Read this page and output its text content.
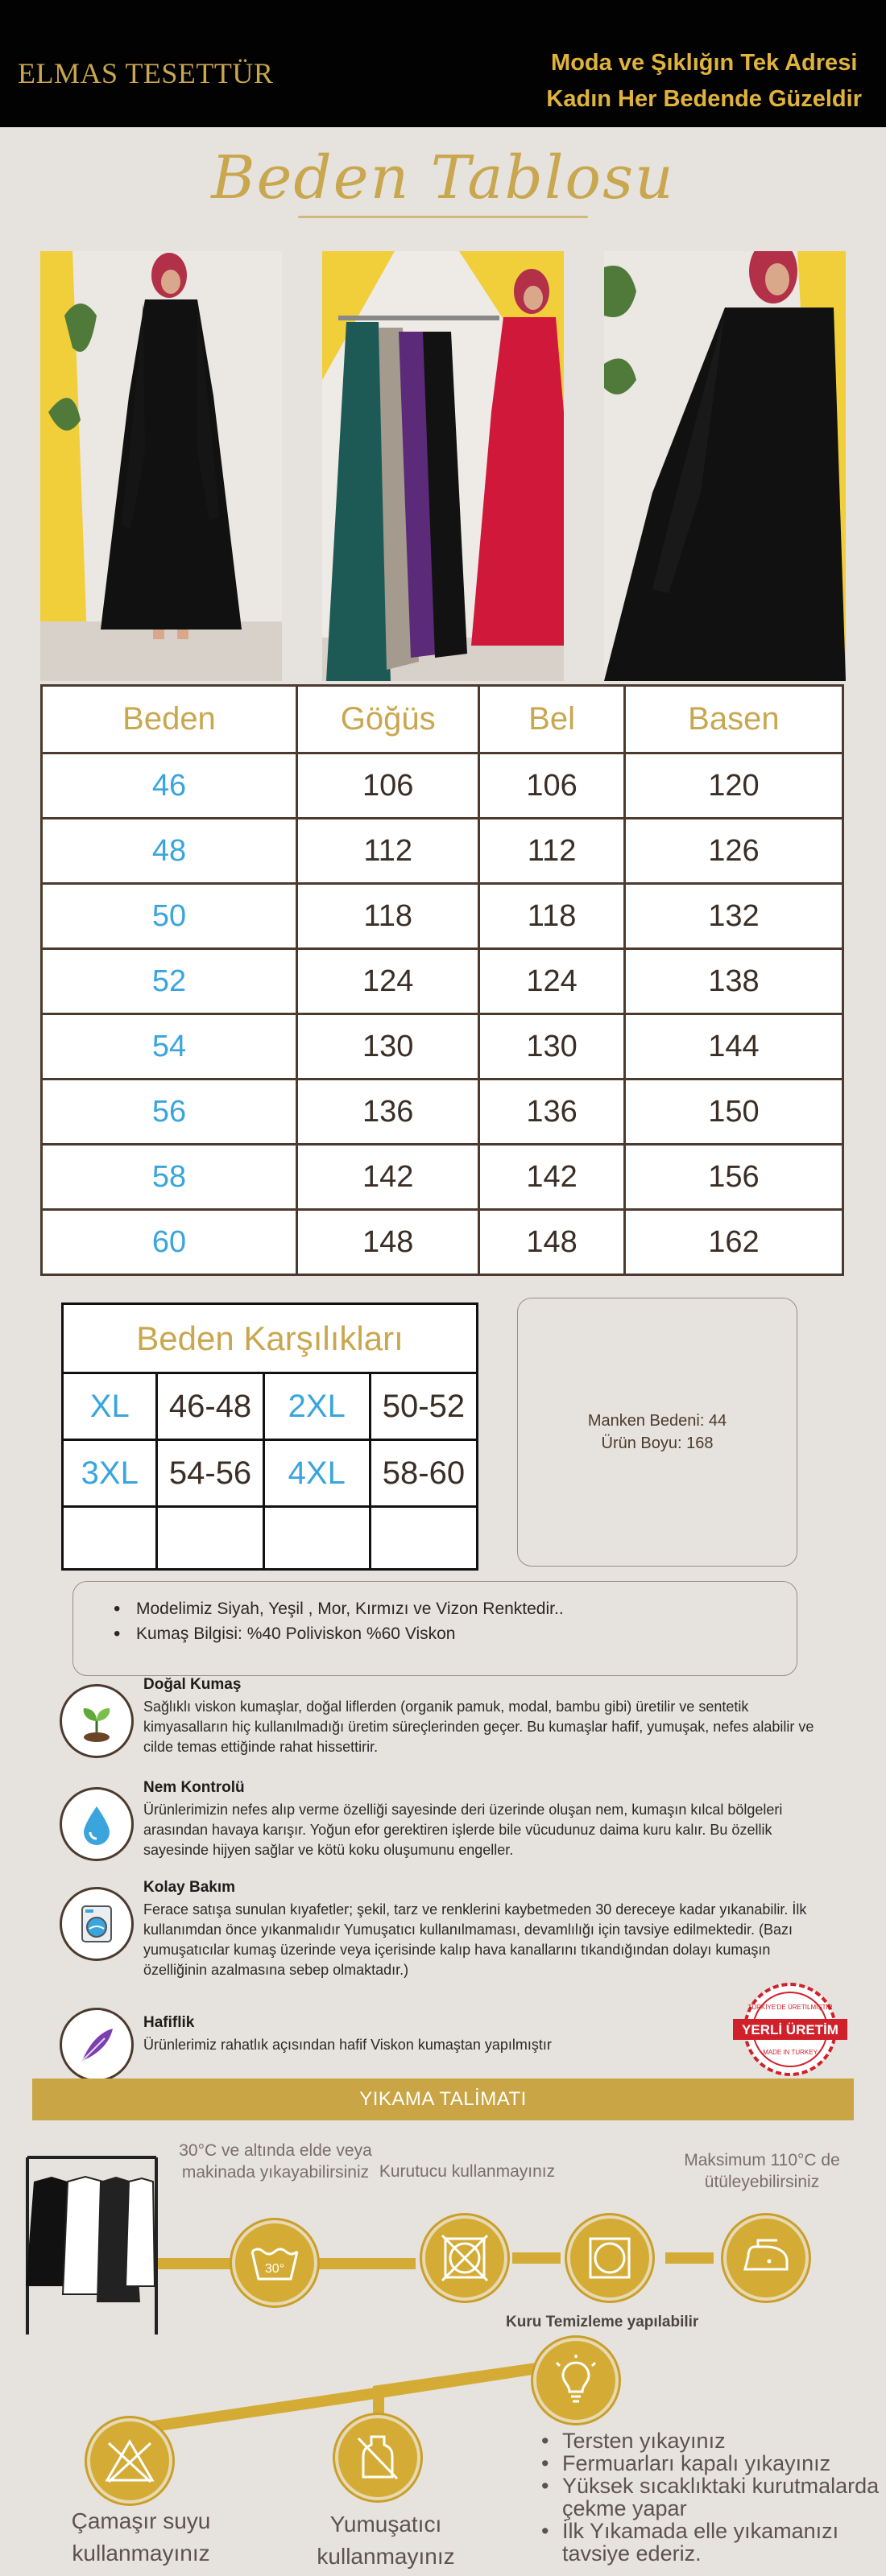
ELMAS TESETTÜR	Moda ve Şıklığın Tek Adresi
Kadın Her Bedende Güzeldir
Beden Tablosu
Beden	Göğüs	Bel	Basen
46	106	106	120
48	112	112	126
50	118	118	132
52	124	124	138
54	130	130	144
56	136	136	150
58	142	142	156
60	148	148	162
Beden Karşılıkları			
XL	46-48	2XL	50-52
3XL	54-56	4XL	58-60

Manken Bedeni: 44
Ürün Boyu: 168
• Modelimiz Siyah, Yeşil , Mor, Kırmızı ve Vizon Renktedir..
• Kumaş Bilgisi: %40 Poliviskon %60 Viskon
Doğal Kumaş

Sağlıklı viskon kumaşlar, doğal liflerden (organik pamuk, modal, bambu gibi) üretilir ve sentetik kimyasalların hiç kullanılmadığı üretim süreçlerinden geçer. Bu kumaşlar hafif, yumuşak, nefes alabilir ve cilde temas ettiğinde rahat hissettirir.

Nem Kontrolü

Ürünlerimizin nefes alıp verme özelliği sayesinde deri üzerinde oluşan nem, kumaşın kılcal bölgeleri arasından havaya karışır. Yoğun efor gerektiren işlerde bile vücudunuz daima kuru kalır. Bu özellik sayesinde hijyen sağlar ve kötü koku oluşumunu engeller.

Kolay Bakım

Ferace satışa sunulan kıyafetler; şekil, tarz ve renklerini kaybetmeden 30 dereceye kadar yıkanabilir. İlk kullanımdan önce yıkanmalıdır Yumuşatıcı kullanılmaması, devamlılığı için tavsiye edilmektedir. (Bazı yumuşatıcılar kumaş üzerinde veya içerisinde kalıp hava kanallarını tıkandığından dolayı kumaşın özelliğinin azalmasına sebep olmaktadır.)

Hafiflik

Ürünlerimiz rahatlık açısından hafif Viskon kumaştan yapılmıştır

TÜRKİYE'DE ÜRETİLMİŞTİR
YERLİ ÜRETİM
MADE IN TURKEY
YIKAMA TALİMATI
30°C ve altında elde veya makinada yıkayabilirsiniz Kurutucu kullanmayınız
Maksimum 110°C de ütüleyebilirsiniz
30°
Kuru Temizleme yapılabilir
Çamaşır suyu kullanmayınız
Yumuşatıcı kullanmayınız
• Tersten yıkayınız
• Fermuarları kapalı yıkayınız
• Yüksek sıcaklıktaki kurutmalarda çekme yapar
• İlk Yıkamada elle yıkamanızı tavsiye ederiz.
